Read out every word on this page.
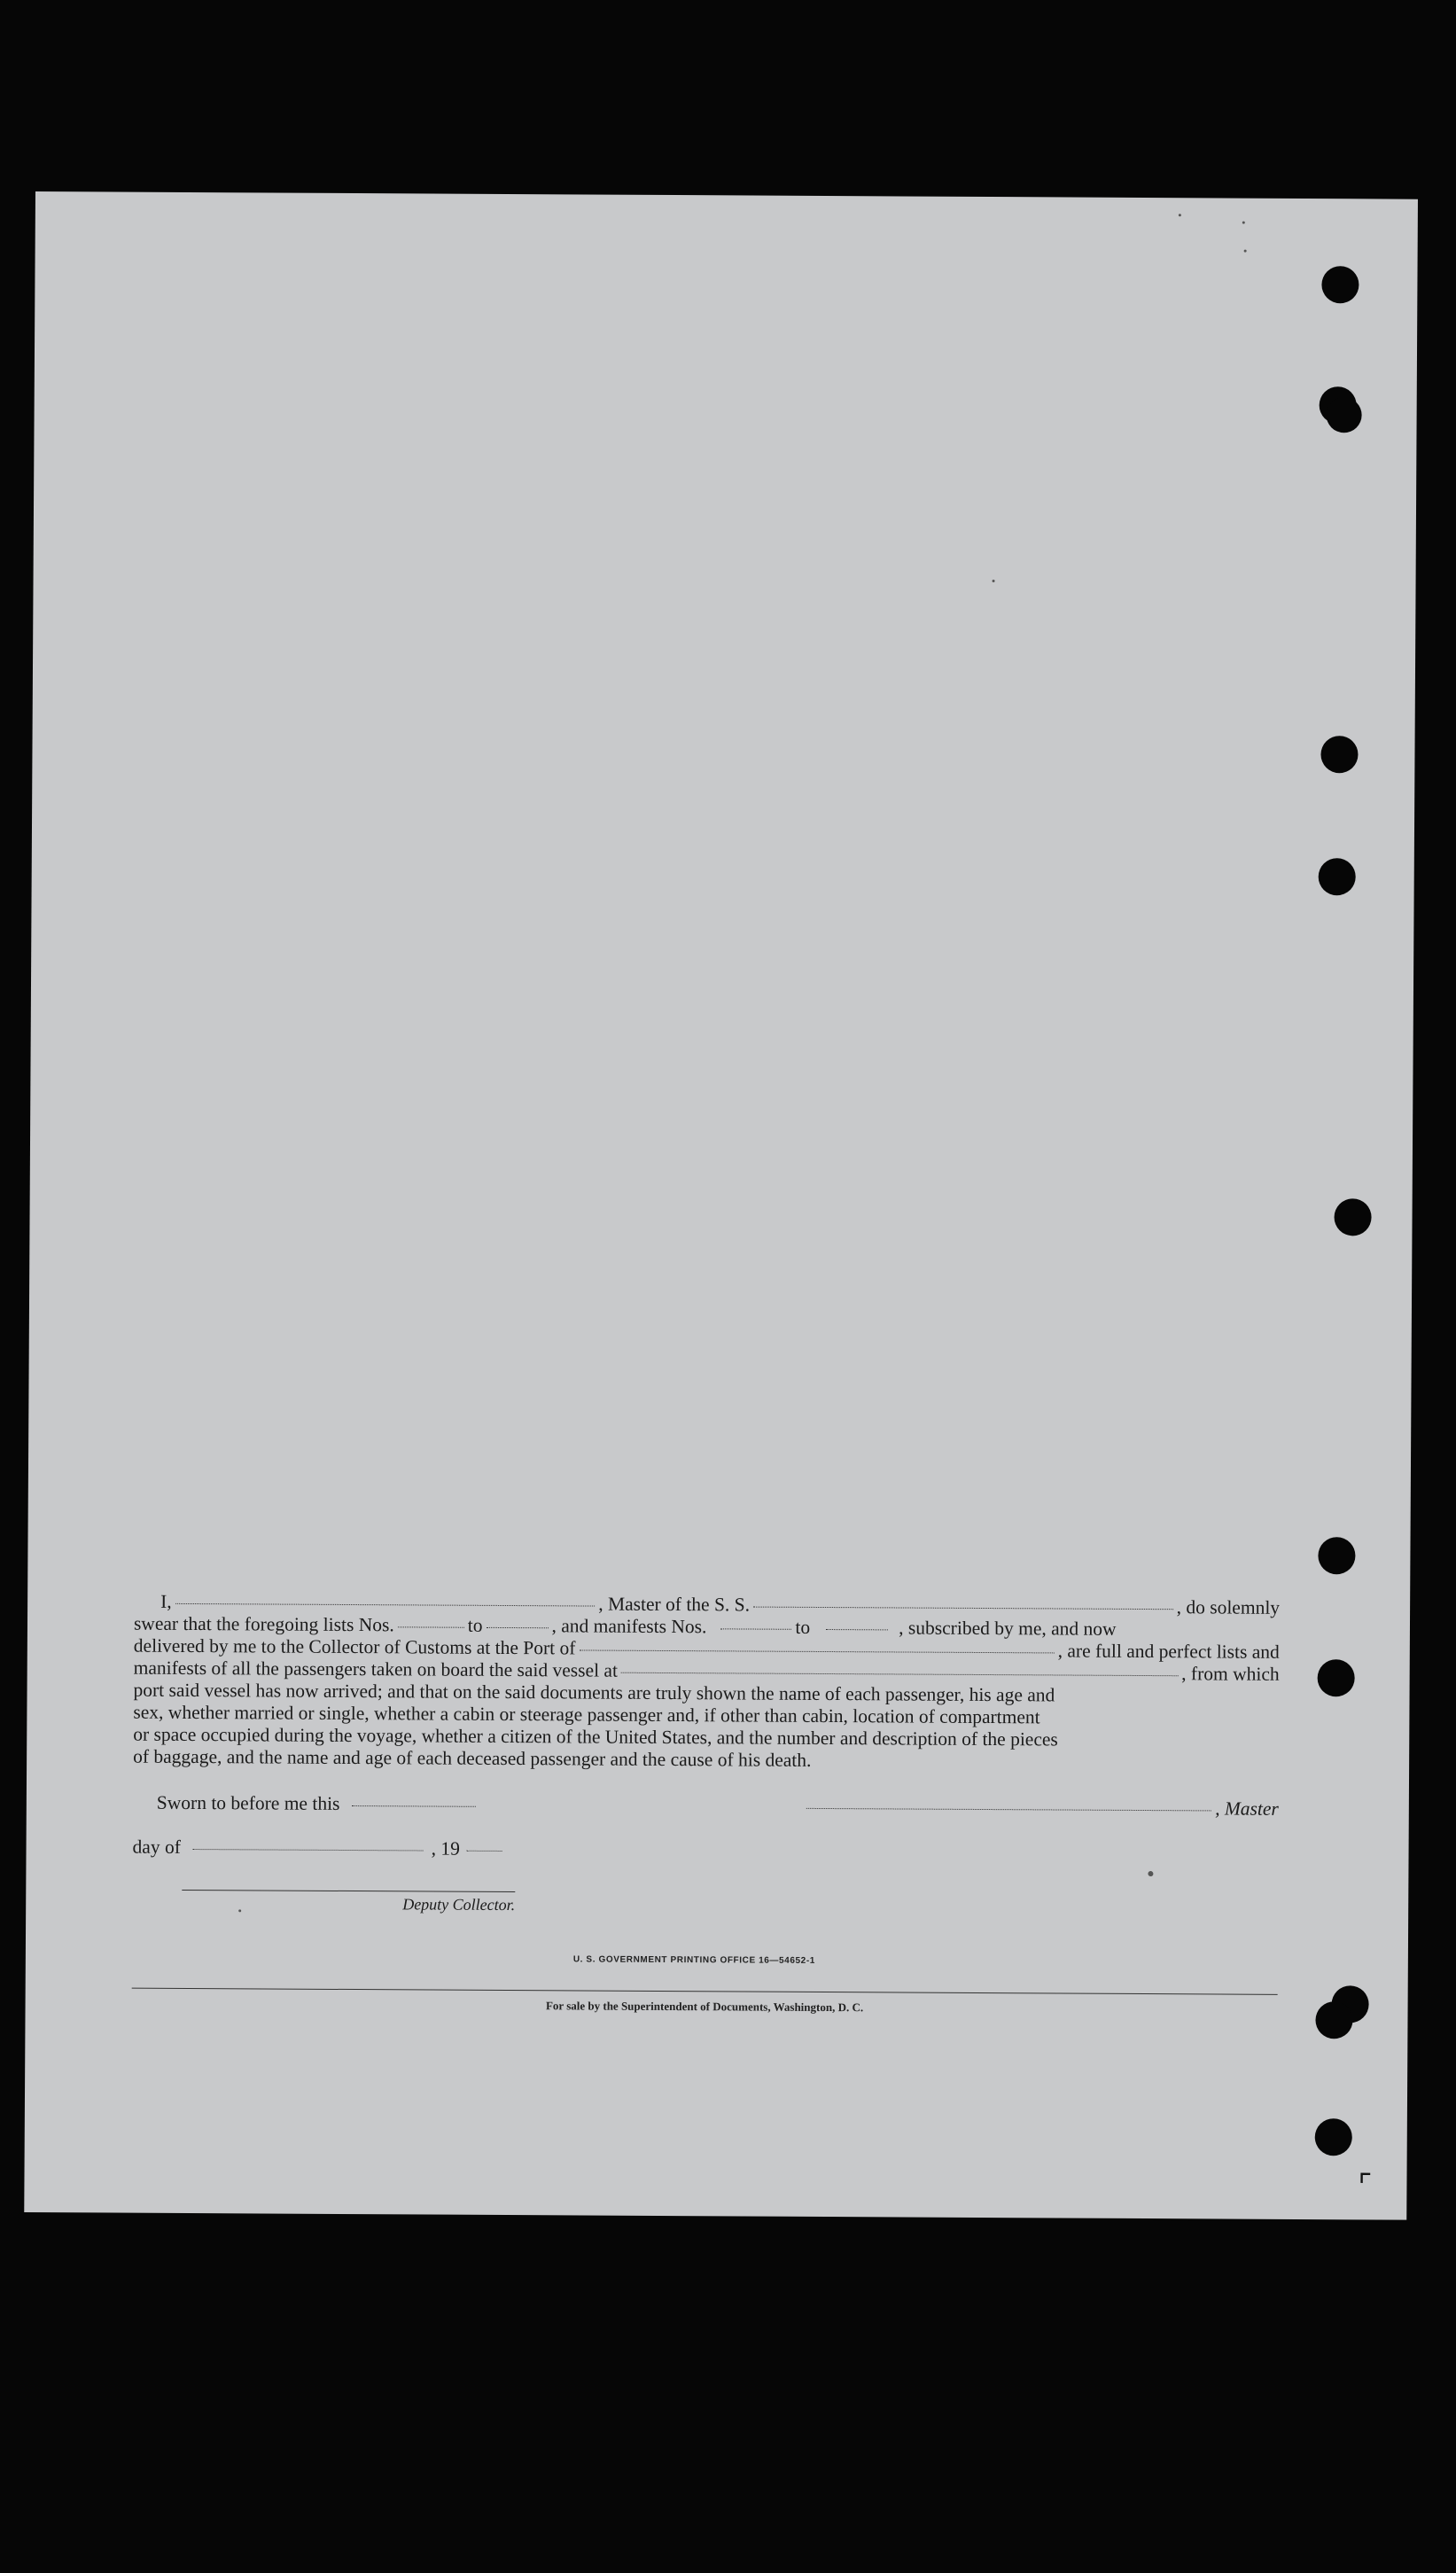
I,	, Master of the S. S.	, do solemnly
swear that the foregoing lists Nos.	to	, and manifests Nos.	to	, subscribed by me, and now
delivered by me to the Collector of Customs at the Port of	, are full and perfect lists and
manifests of all the passengers taken on board the said vessel at	, from which

port said vessel has now arrived; and that on the said documents are truly shown the name of each passenger, his age and

sex, whether married or single, whether a cabin or steerage passenger and, if other than cabin, location of compartment

or space occupied during the voyage, whether a citizen of the United States, and the number and description of the pieces

of baggage, and the name and age of each deceased passenger and the cause of his death.

Sworn to before me this	, Master
day of	, 19
Deputy Collector.
U. S. GOVERNMENT PRINTING OFFICE 16—54652-1
For sale by the Superintendent of Documents, Washington, D. C.
⌜
